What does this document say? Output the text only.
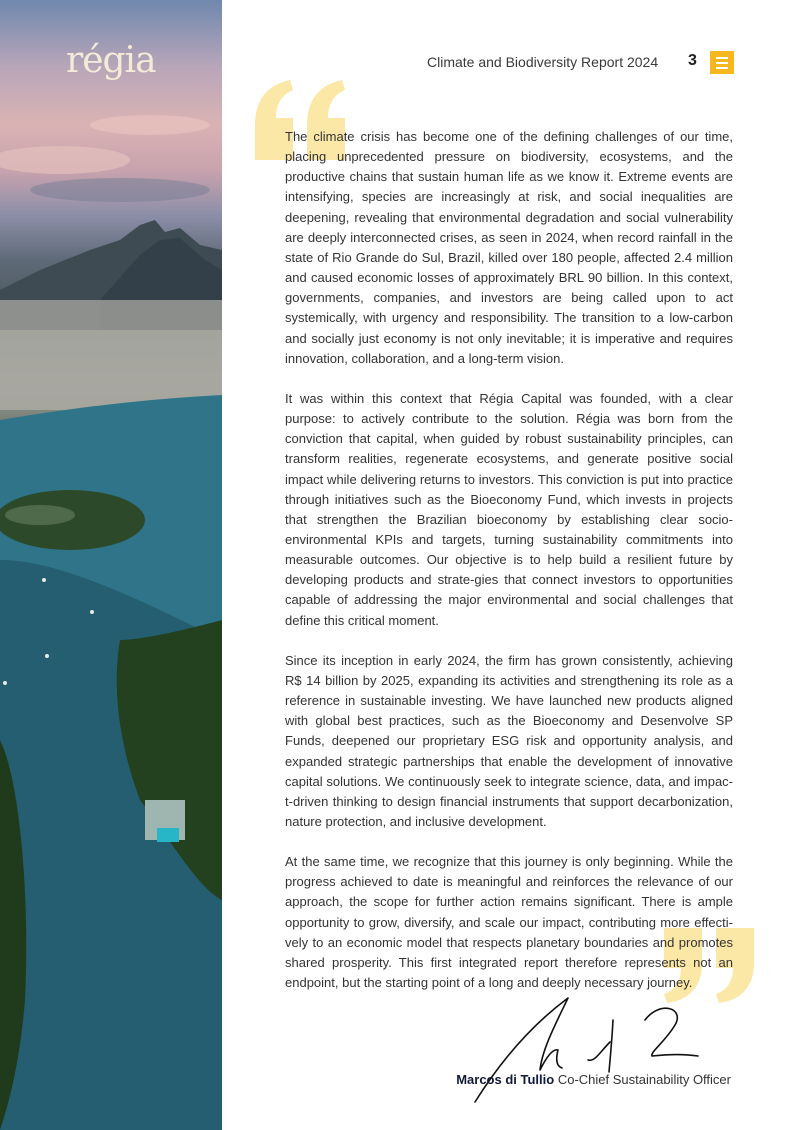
régia	Climate and Biodiversity Report 2024 3

The climate crisis has become one of the defining challenges of our time, placing unprecedented pressure on biodiversity, ecosystems, and the productive chains that sustain human life as we know it. Extreme events are intensifying, species are increasingly at risk, and social inequalities are deepening, revealing that environmental degradation and social vulnerability are deeply interconnected crises, as seen in 2024, when record rainfall in the state of Rio Grande do Sul, Brazil, killed over 180 people, affected 2.4 million and caused economic losses of approximately BRL 90 billion. In this context, governments, companies, and investors are being called upon to act systemically, with urgency and responsibility. The transition to a low-carbon and socially just economy is not only inevitable; it is imperative and requires innovation, collaboration, and a long-term vision.

It was within this context that Régia Capital was founded, with a clear purpose: to actively contribute to the solution. Régia was born from the conviction that capital, when guided by robust sustainability principles, can transform realities, regenerate ecosystems, and generate positive social impact while delivering returns to investors. This conviction is put into practice through initiatives such as the Bioeconomy Fund, which invests in projects that strengthen the Brazilian bioeconomy by establishing clear socio-environmental KPIs and targets, turning sustainability commitments into measurable outcomes. Our objective is to help build a resilient future by developing products and strate-gies that connect investors to opportunities capable of addressing the major environmental and social challenges that define this critical moment.

Since its inception in early 2024, the firm has grown consistently, achieving R$ 14 billion by 2025, expanding its activities and strengthening its role as a reference in sustainable investing. We have launched new products aligned with global best practices, such as the Bioeconomy and Desenvolve SP Funds, deepened our proprietary ESG risk and opportunity analysis, and expanded strategic partnerships that enable the development of innovative capital solutions. We continuously seek to integrate science, data, and impac-t-driven thinking to design financial instruments that support decarbonization, nature protection, and inclusive development.

At the same time, we recognize that this journey is only beginning. While the progress achieved to date is meaningful and reinforces the relevance of our approach, the scope for further action remains significant. There is ample opportunity to grow, diversify, and scale our impact, contributing more effecti-vely to an economic model that respects planetary boundaries and promotes shared prosperity. This first integrated report therefore represents not an endpoint, but the starting point of a long and deeply necessary journey.

Marcos di Tullio Co-Chief Sustainability Officer
